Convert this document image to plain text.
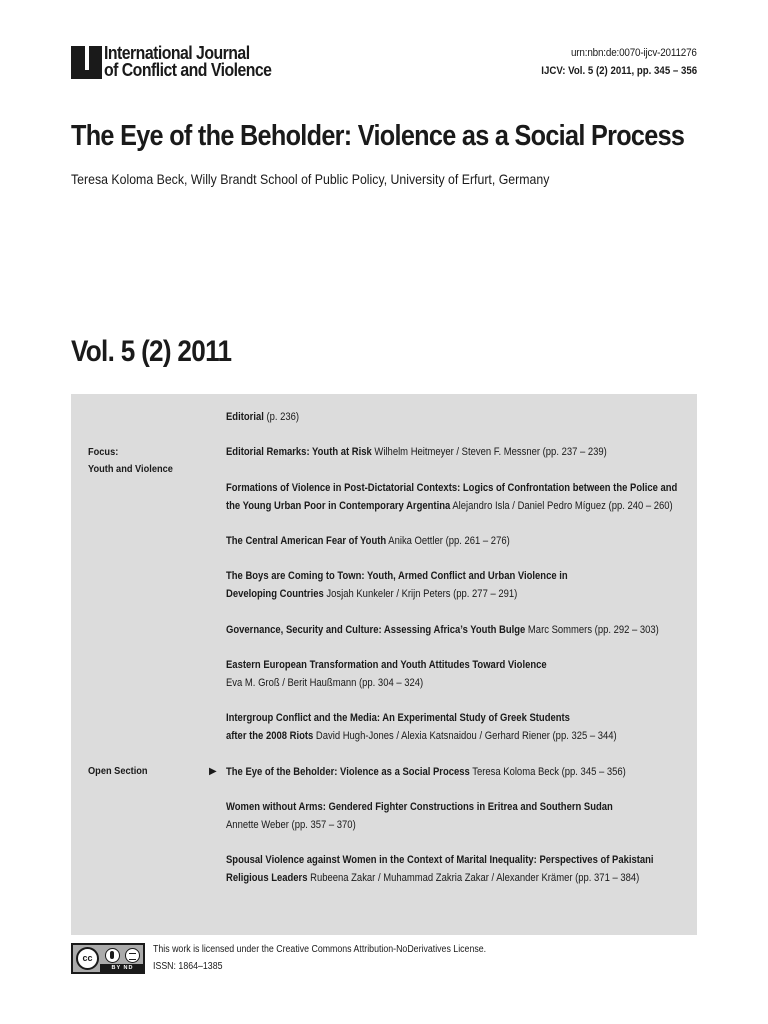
International Journal
of Conflict and Violence
urn:nbn:de:0070-ijcv-2011276
IJCV: Vol. 5 (2) 2011, pp. 345 – 356
The Eye of the Beholder: Violence as a Social Process
Teresa Koloma Beck, Willy Brandt School of Public Policy, University of Erfurt, Germany
Vol. 5 (2) 2011
Focus:
Youth and Violence
Open Section
Editorial (p. 236)
Editorial Remarks: Youth at Risk Wilhelm Heitmeyer / Steven F. Messner (pp. 237 – 239)
Formations of Violence in Post-Dictatorial Contexts: Logics of Confrontation between the Police and
the Young Urban Poor in Contemporary Argentina Alejandro Isla / Daniel Pedro Míguez (pp. 240 – 260)
The Central American Fear of Youth Anika Oettler (pp. 261 – 276)
The Boys are Coming to Town: Youth, Armed Conflict and Urban Violence in
Developing Countries Josjah Kunkeler / Krijn Peters (pp. 277 – 291)
Governance, Security and Culture: Assessing Africa’s Youth Bulge Marc Sommers (pp. 292 – 303)
Eastern European Transformation and Youth Attitudes Toward Violence
Eva M. Groß / Berit Haußmann (pp. 304 – 324)
Intergroup Conflict and the Media: An Experimental Study of Greek Students
after the 2008 Riots David Hugh-Jones / Alexia Katsnaidou / Gerhard Riener (pp. 325 – 344)
▶ The Eye of the Beholder: Violence as a Social Process Teresa Koloma Beck (pp. 345 – 356)
Women without Arms: Gendered Fighter Constructions in Eritrea and Southern Sudan
Annette Weber (pp. 357 – 370)
Spousal Violence against Women in the Context of Marital Inequality: Perspectives of Pakistani
Religious Leaders Rubeena Zakar / Muhammad Zakria Zakar / Alexander Krämer (pp. 371 – 384)
cc
BY ND
This work is licensed under the Creative Commons Attribution-NoDerivatives License.
ISSN: 1864–1385
